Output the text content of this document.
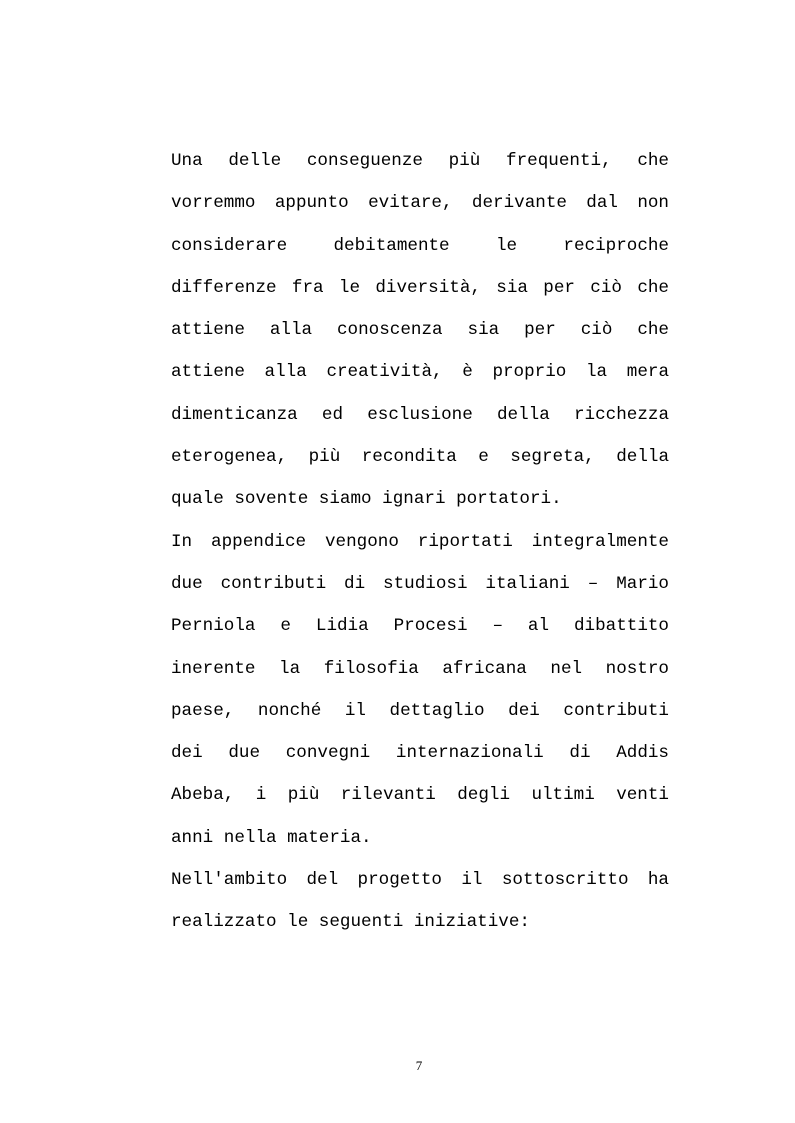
Una delle conseguenze più frequenti, che
vorremmo appunto evitare, derivante dal non
considerare debitamente le reciproche
differenze fra le diversità, sia per ciò che
attiene alla conoscenza sia per ciò che
attiene alla creatività, è proprio la mera
dimenticanza ed esclusione della ricchezza
eterogenea, più recondita e segreta, della
quale sovente siamo ignari portatori.
In appendice vengono riportati integralmente
due contributi di studiosi italiani – Mario
Perniola e Lidia Procesi – al dibattito
inerente la filosofia africana nel nostro
paese, nonché il dettaglio dei contributi
dei due convegni internazionali di Addis
Abeba, i più rilevanti degli ultimi venti
anni nella materia.
Nell'ambito del progetto il sottoscritto ha
realizzato le seguenti iniziative:
7
